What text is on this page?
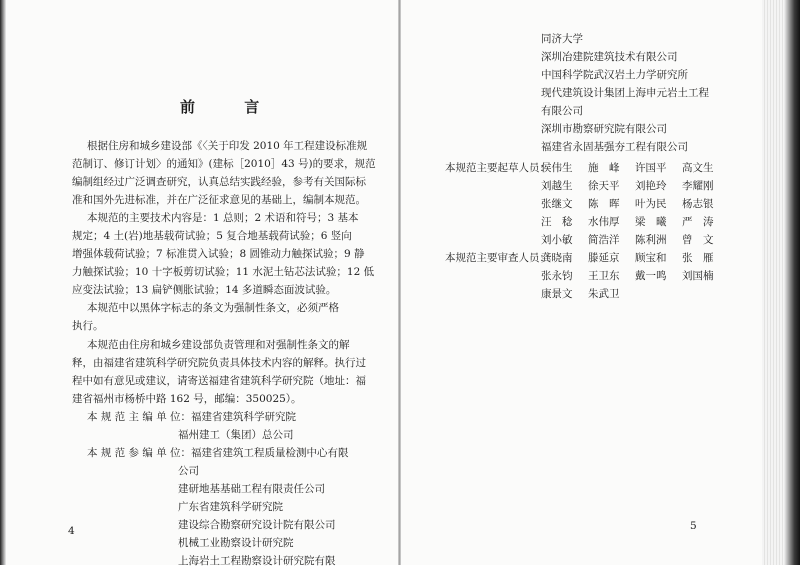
前 言
根据住房和城乡建设部《〈关于印发 2010 年工程建设标准规
范制订、修订计划〉的通知》(建标［2010］43 号)的要求，规范
编制组经过广泛调查研究，认真总结实践经验，参考有关国际标
准和国外先进标准，并在广泛征求意见的基础上，编制本规范。
本规范的主要技术内容是：1 总则；2 术语和符号；3 基本
规定；4 土(岩)地基载荷试验；5 复合地基载荷试验；6 竖向
增强体载荷试验；7 标准贯入试验；8 圆锥动力触探试验；9 静
力触探试验；10 十字板剪切试验；11 水泥土钻芯法试验；12 低
应变法试验；13 扁铲侧胀试验；14 多道瞬态面波试验。
本规范中以黑体字标志的条文为强制性条文，必须严格
执行。
本规范由住房和城乡建设部负责管理和对强制性条文的解
释，由福建省建筑科学研究院负责具体技术内容的解释。执行过
程中如有意见或建议，请寄送福建省建筑科学研究院（地址：福
建省福州市杨桥中路 162 号，邮编：350025）。
本 规 范 主 编 单 位：福建省建筑科学研究院
福州建工（集团）总公司
本 规 范 参 编 单 位：福建省建筑工程质量检测中心有限
公司
建研地基基础工程有限责任公司
广东省建筑科学研究院
建设综合勘察研究设计院有限公司
机械工业勘察设计研究院
上海岩土工程勘察设计研究院有限
4
同济大学
深圳冶建院建筑技术有限公司
中国科学院武汉岩土力学研究所
现代建筑设计集团上海申元岩土工程
有限公司
深圳市勘察研究院有限公司
福建省永固基强夯工程有限公司
本规范主要起草人员：
侯伟生 施　峰 许国平 高文生
刘越生 徐天平 刘艳玲 李耀刚
张继文 陈　晖 叶为民 杨志银
汪　稔 水伟厚 梁　曦 严　涛
刘小敏 简浩洋 陈利洲 曾　文
本规范主要审查人员：
龚晓南 滕延京 顾宝和 张　雁
张永钧 王卫东 戴一鸣 刘国楠
康景文 朱武卫
5
